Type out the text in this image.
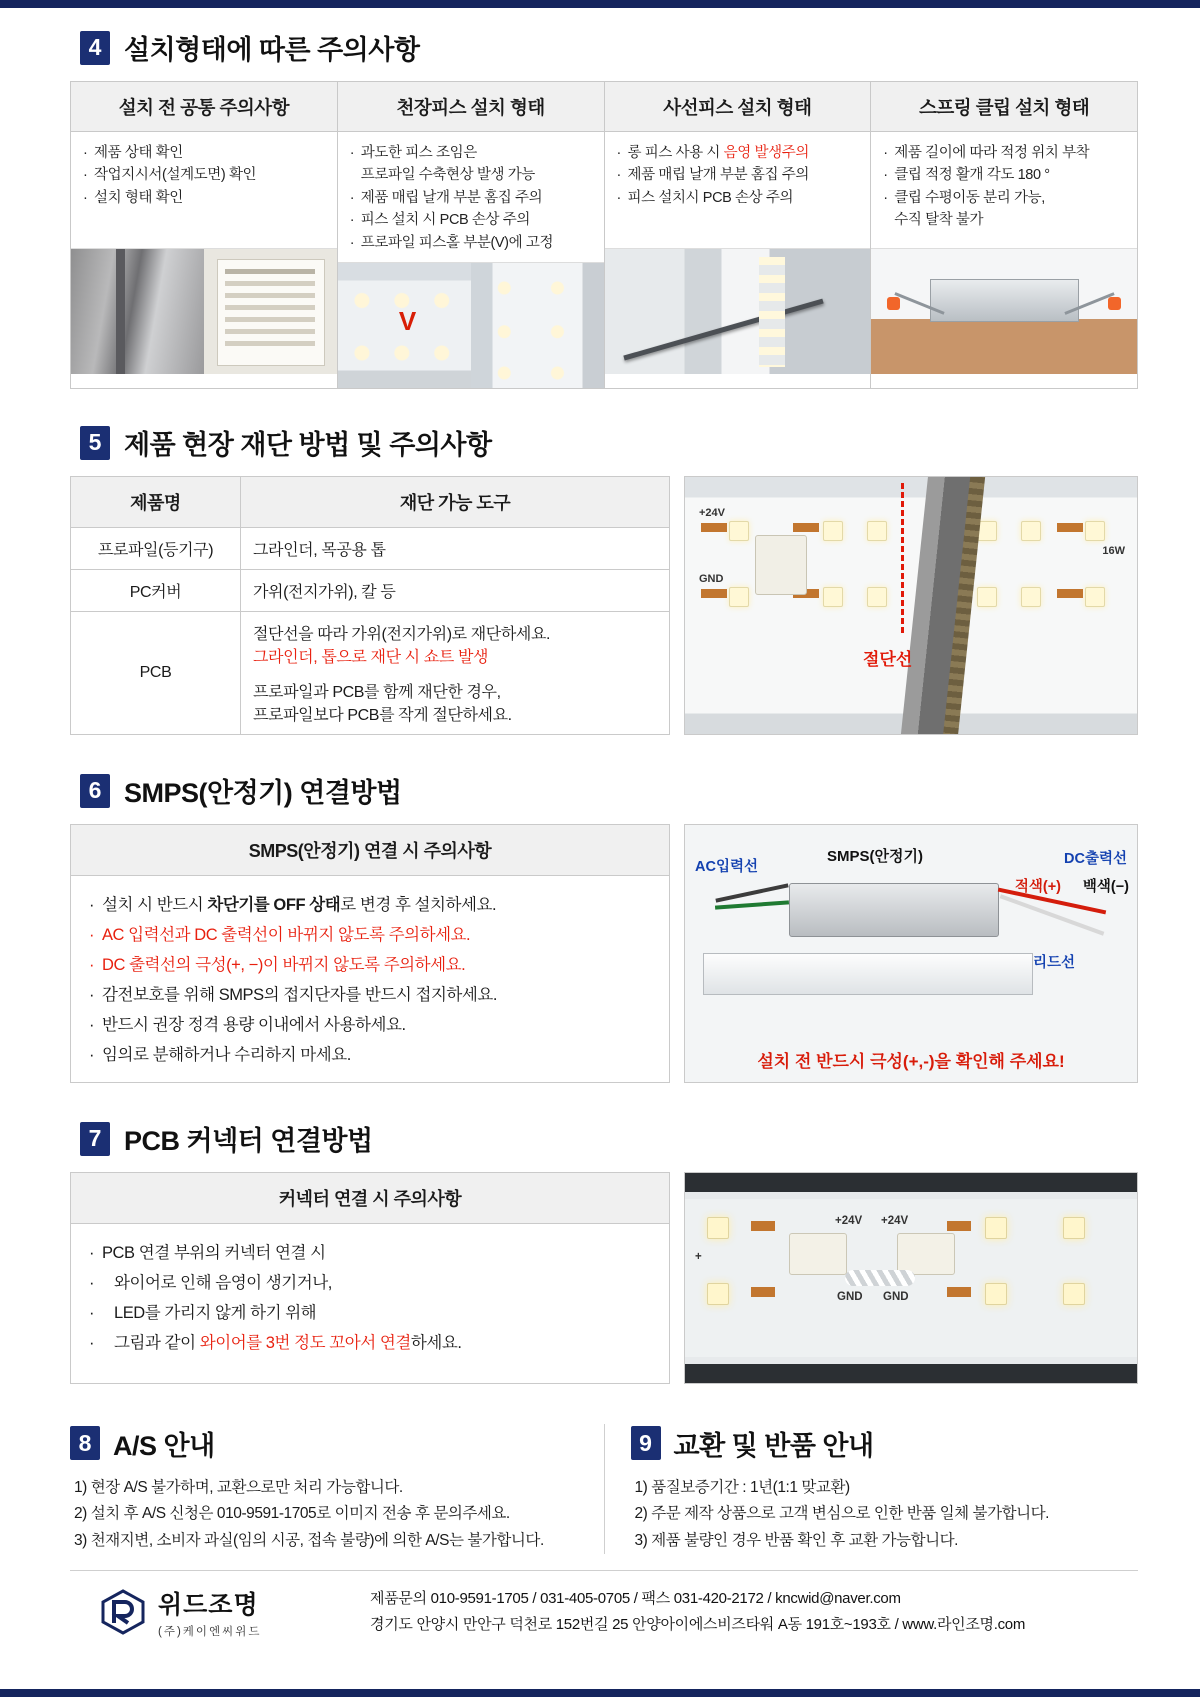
4 설치형태에 따른 주의사항
설치 전 공통 주의사항
· 제품 상태 확인
· 작업지시서(설계도면) 확인
· 설치 형태 확인
천장피스 설치 형태
· 과도한 피스 조임은
프로파일 수축현상 발생 가능
· 제품 매립 날개 부분 홈집 주의
· 피스 설치 시 PCB 손상 주의
· 프로파일 피스홀 부분(V)에 고정
V
사선피스 설치 형태
· 롱 피스 사용 시 음영 발생주의
· 제품 매립 날개 부분 홈집 주의
· 피스 설치시 PCB 손상 주의
스프링 클립 설치 형태
· 제품 길이에 따라 적정 위치 부착
· 클립 적정 활개 각도 180 °
· 클립 수평이동 분리 가능,
수직 탈착 불가
5 제품 현장 재단 방법 및 주의사항
제품명	재단 가능 도구
프로파일(등기구)	그라인더, 목공용 톱
PC커버	가위(전지가위), 칼 등
PCB	절단선을 따라 가위(전지가위)로 재단하세요.
그라인더, 톱으로 재단 시 쇼트 발생
프로파일과 PCB를 함께 재단한 경우,
프로파일보다 PCB를 작게 절단하세요.
+24V
GND
16W
절단선
6 SMPS(안정기) 연결방법
SMPS(안정기) 연결 시 주의사항
· 설치 시 반드시 차단기를 OFF 상태로 변경 후 설치하세요.
· AC 입력선과 DC 출력선이 바뀌지 않도록 주의하세요.
· DC 출력선의 극성(+, −)이 바뀌지 않도록 주의하세요.
· 감전보호를 위해 SMPS의 접지단자를 반드시 접지하세요.
· 반드시 권장 정격 용량 이내에서 사용하세요.
· 임의로 분해하거나 수리하지 마세요.
SMPS(안정기)
AC입력선	DC출력선
적색(+) 백색(−)
리드선
설치 전 반드시 극성(+,-)을 확인해 주세요!
7 PCB 커넥터 연결방법
커넥터 연결 시 주의사항
· PCB 연결 부위의 커넥터 연결 시
· 와이어로 인해 음영이 생기거나,
· LED를 가리지 않게 하기 위해
· 그림과 같이 와이어를 3번 정도 꼬아서 연결하세요.
+24V +24V
GND GND
+
8 A/S 안내
1) 현장 A/S 불가하며, 교환으로만 처리 가능합니다.
2) 설치 후 A/S 신청은 010-9591-1705로 이미지 전송 후 문의주세요.
3) 천재지변, 소비자 과실(임의 시공, 접속 불량)에 의한 A/S는 불가합니다.
9 교환 및 반품 안내
1) 품질보증기간 : 1년(1:1 맞교환)
2) 주문 제작 상품으로 고객 변심으로 인한 반품 일체 불가합니다.
3) 제품 불량인 경우 반품 확인 후 교환 가능합니다.
위드조명
(주)케이엔씨위드
제품문의 010-9591-1705 / 031-405-0705 / 팩스 031-420-2172 / kncwid@naver.com
경기도 안양시 만안구 덕천로 152번길 25 안양아이에스비즈타워 A동 191호~193호 / www.라인조명.com
